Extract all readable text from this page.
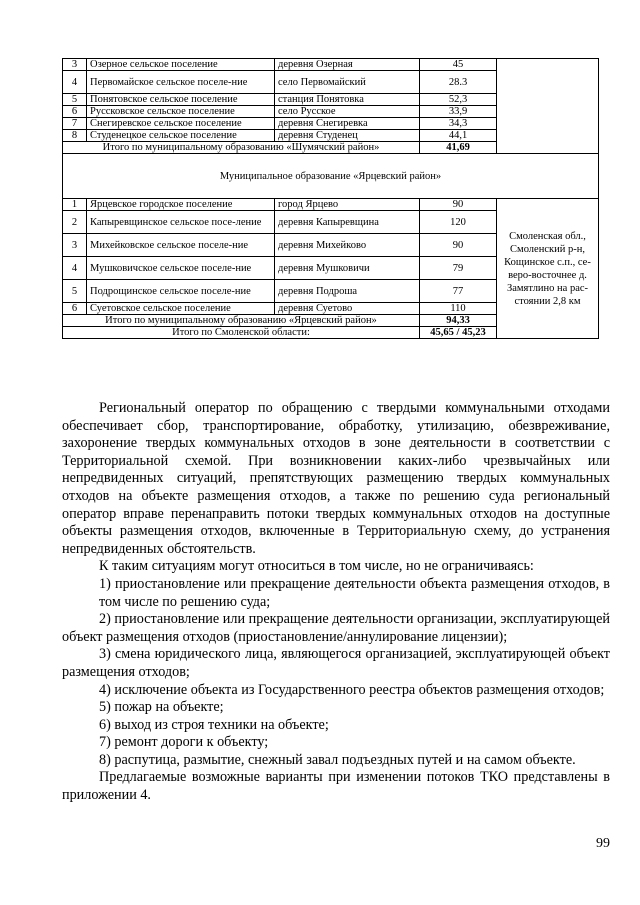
3	Озерное сельское поселение	деревня Озерная	45	
4	Первомайское сельское поселе-ние	село Первомайский	28.3	
5	Понятовское сельское поселение	станция Понятовка	52,3	
6	Руссковское сельское поселение	село Русское	33,9	
7	Снегиревское сельское поселение	деревня Снегиревка	34,3	
8	Студенецкое сельское поселение	деревня Студенец	44,1	
Итого по муниципальному образованию «Шумячский район»			41,69	
Муниципальное образование «Ярцевский район»				
1	Ярцевское городское поселение	город Ярцево	90	Смоленская обл., Смоленский р-н, Кощинское с.п., се-веро-восточнее д. Замятлино на рас-стоянии 2,8 км
2	Капыревщинское сельское посе-ление	деревня Капыревщина	120	
3	Михейковское сельское поселе-ние	деревня Михейково	90	
4	Мушковичское сельское поселе-ние	деревня Мушковичи	79	
5	Подрощинское сельское поселе-ние	деревня Подроша	77	
6	Суетовское сельское поселение	деревня Суетово	110	
Итого по муниципальному образованию «Ярцевский район»			94,33	
Итого по Смоленской области:			45,65 / 45,23	

Региональный оператор по обращению с твердыми коммунальными отходами обеспечивает сбор, транспортирование, обработку, утилизацию, обезвреживание, захоронение твердых коммунальных отходов в зоне деятельности в соответствии с Территориальной схемой. При возникновении каких-либо чрезвычайных или непредвиденных ситуаций, препятствующих размещению твердых коммунальных отходов на объекте размещения отходов, а также по решению суда региональный оператор вправе перенаправить потоки твердых коммунальных отходов на доступные объекты размещения отходов, включенные в Территориальную схему, до устранения непредвиденных обстоятельств.

К таким ситуациям могут относиться в том числе, но не ограничиваясь:

1) приостановление или прекращение деятельности объекта размещения отходов, в том числе по решению суда;

2) приостановление или прекращение деятельности организации, эксплуатирующей объект размещения отходов (приостановление/аннулирование лицензии);

3) смена юридического лица, являющегося организацией, эксплуатирующей объект размещения отходов;

4) исключение объекта из Государственного реестра объектов размещения отходов;

5) пожар на объекте;

6) выход из строя техники на объекте;

7) ремонт дороги к объекту;

8) распутица, размытие, снежный завал подъездных путей и на самом объекте.

Предлагаемые возможные варианты при изменении потоков ТКО представлены в приложении 4.

99
